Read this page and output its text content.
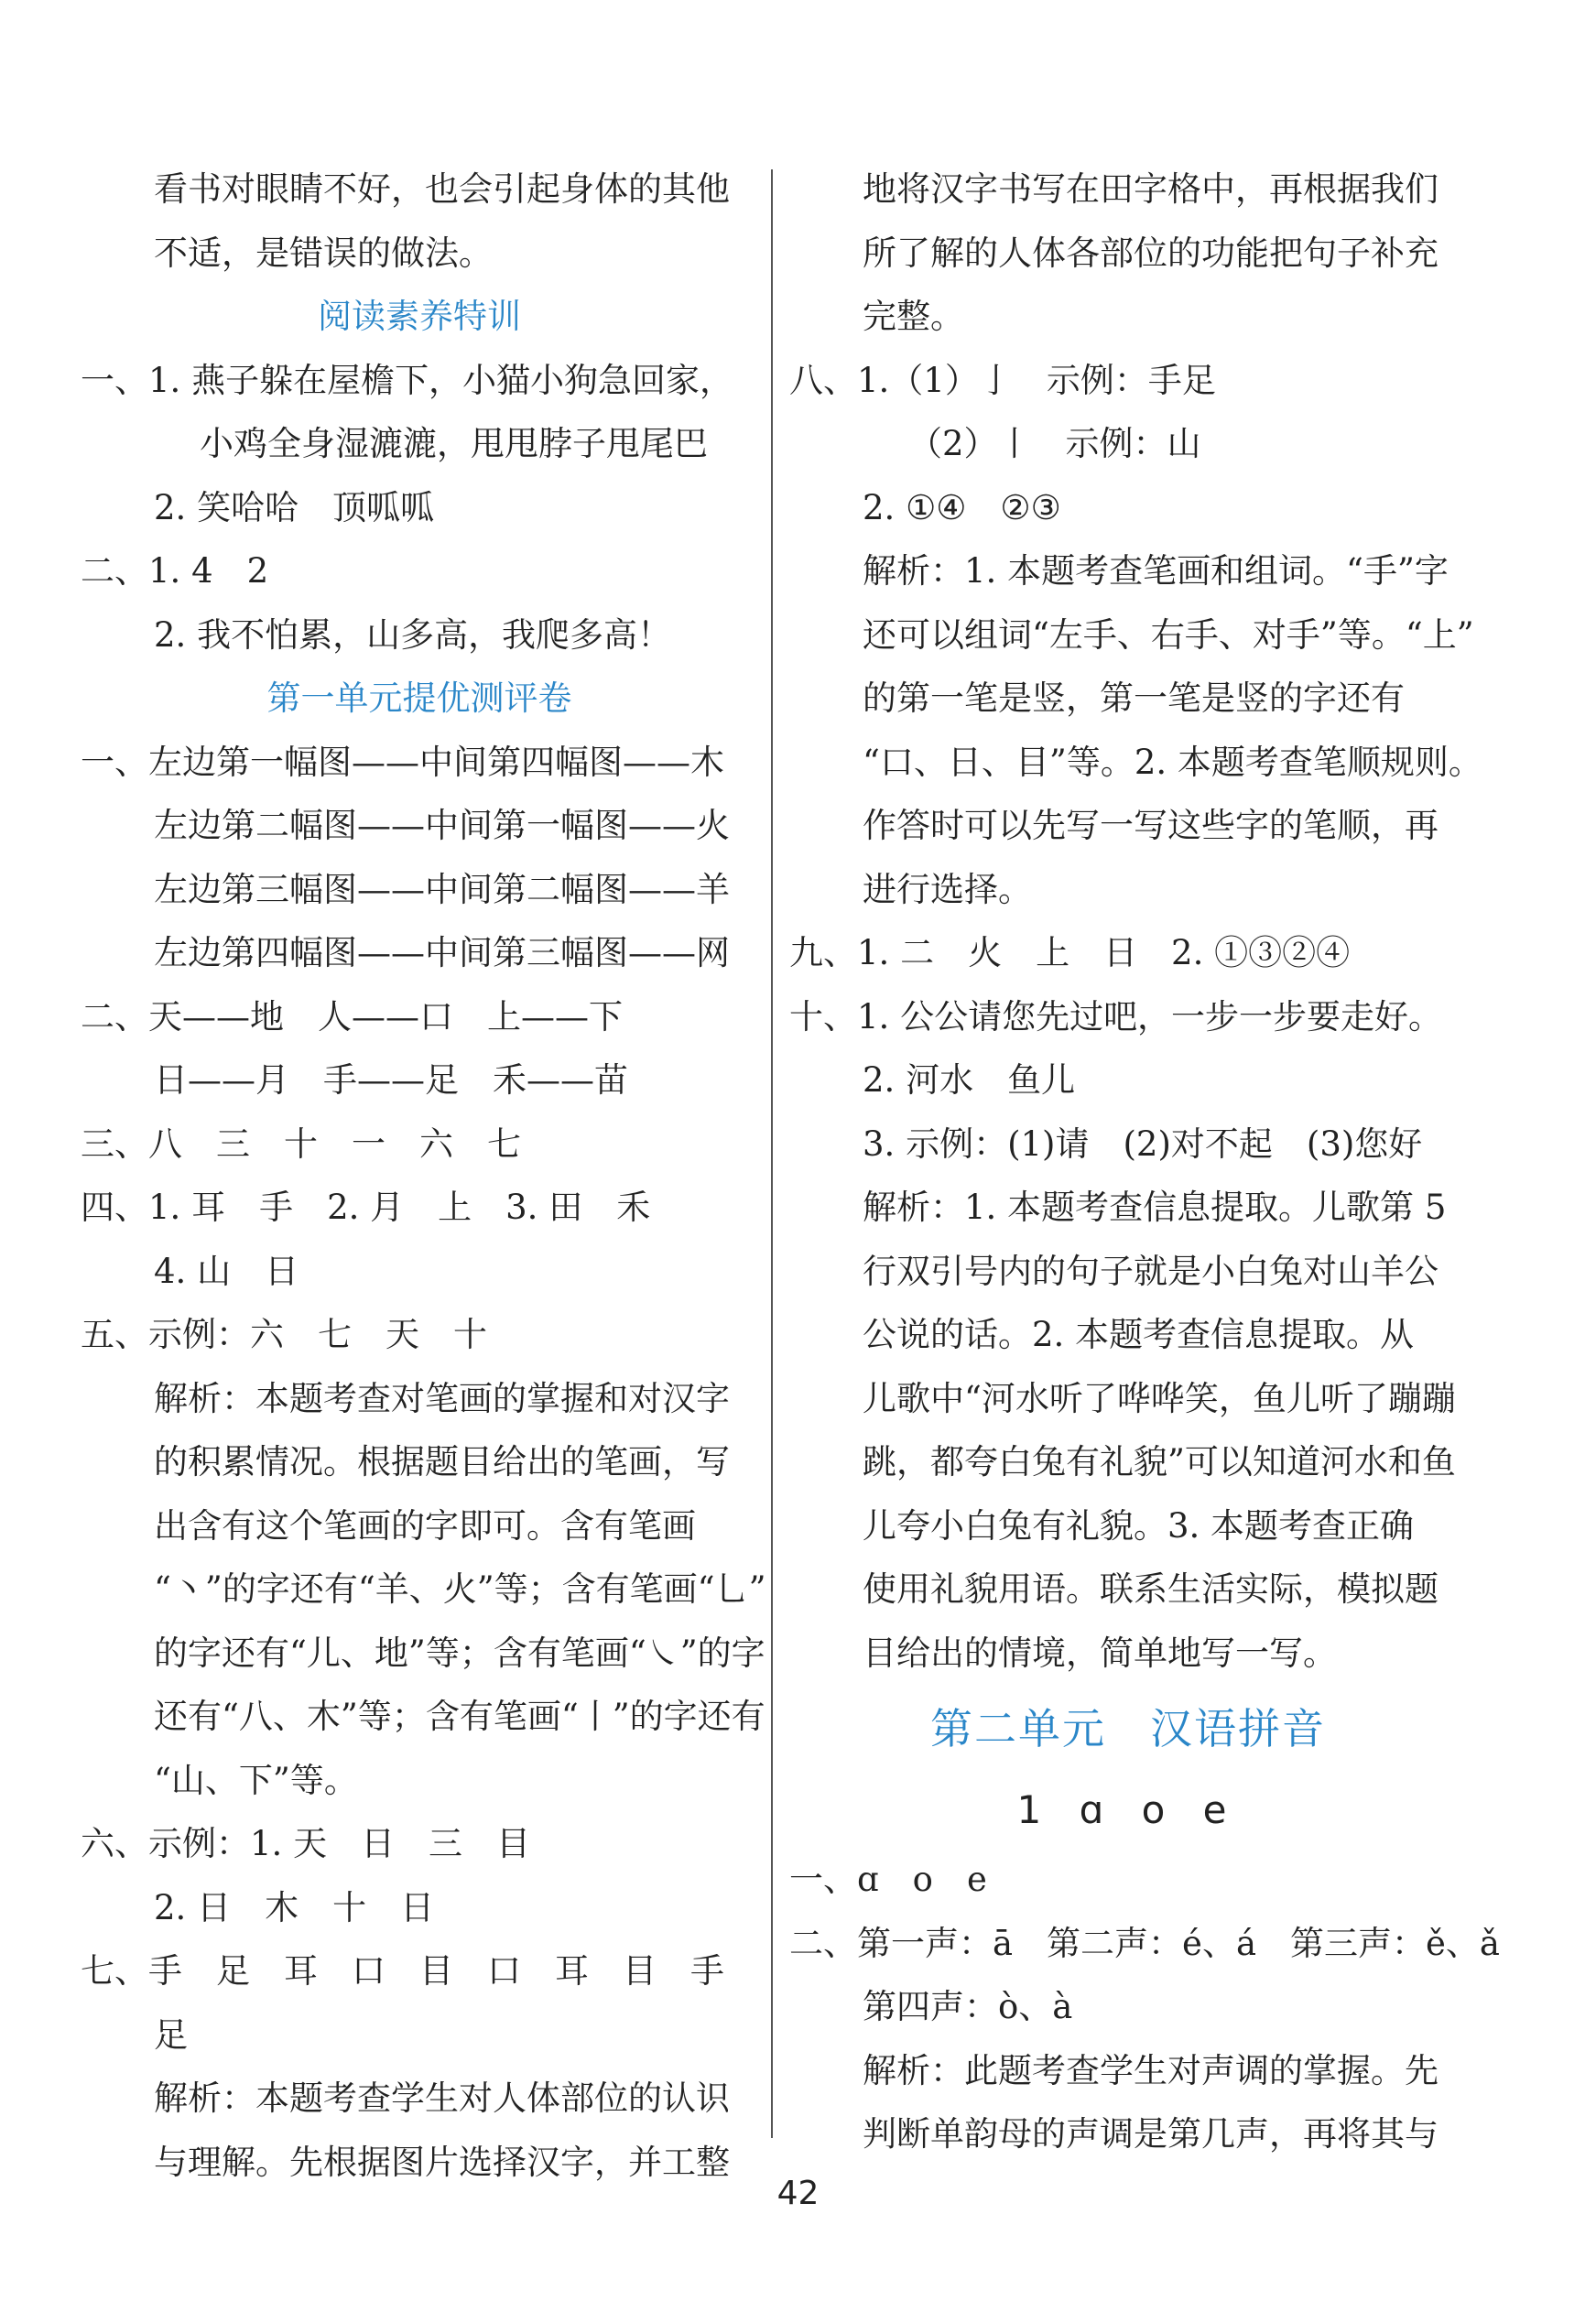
看书对眼睛不好，也会引起身体的其他
不适，是错误的做法。
阅读素养特训
一、1. 燕子躲在屋檐下，小猫小狗急回家，
小鸡全身湿漉漉，甩甩脖子甩尾巴
2. 笑哈哈　顶呱呱
二、1. 4　2
2. 我不怕累，山多高，我爬多高！
第一单元提优测评卷
一、左边第一幅图——中间第四幅图——木
左边第二幅图——中间第一幅图——火
左边第三幅图——中间第二幅图——羊
左边第四幅图——中间第三幅图——网
二、天——地　人——口　上——下
日——月　手——足　禾——苗
三、八　三　十　一　六　七
四、1. 耳　手　2. 月　上　3. 田　禾
4. 山　日
五、示例：六　七　天　十
解析：本题考查对笔画的掌握和对汉字
的积累情况。根据题目给出的笔画，写
出含有这个笔画的字即可。含有笔画
“丶”的字还有“羊、火”等；含有笔画“乚”
的字还有“儿、地”等；含有笔画“㇏”的字
还有“八、木”等；含有笔画“丨”的字还有
“山、下”等。
六、示例：1. 天　日　三　目
2. 日　木　十　日
七、手　足　耳　口　目　口　耳　目　手
足
解析：本题考查学生对人体部位的认识
与理解。先根据图片选择汉字，并工整
地将汉字书写在田字格中，再根据我们
所了解的人体各部位的功能把句子补充
完整。
八、1.（1）亅　示例：手足
（2）丨　示例：山
2. ①④　②③
解析：1. 本题考查笔画和组词。“手”字
还可以组词“左手、右手、对手”等。“上”
的第一笔是竖，第一笔是竖的字还有
“口、日、目”等。2. 本题考查笔顺规则。
作答时可以先写一写这些字的笔顺，再
进行选择。
九、1. 二　火　上　日　2. ①③②④
十、1. 公公请您先过吧，一步一步要走好。
2. 河水　鱼儿
3. 示例：(1)请　(2)对不起　(3)您好
解析：1. 本题考查信息提取。儿歌第 5
行双引号内的句子就是小白兔对山羊公
公说的话。2. 本题考查信息提取。从
儿歌中“河水听了哗哗笑，鱼儿听了蹦蹦
跳，都夸白兔有礼貌”可以知道河水和鱼
儿夸小白兔有礼貌。3. 本题考查正确
使用礼貌用语。联系生活实际，模拟题
目给出的情境，简单地写一写。
第二单元　汉语拼音
1 ɑ o e
一、ɑ　o　e
二、第一声：ā　第二声：é、á　第三声：ě、ǎ
第四声：ò、à
解析：此题考查学生对声调的掌握。先
判断单韵母的声调是第几声，再将其与
42
